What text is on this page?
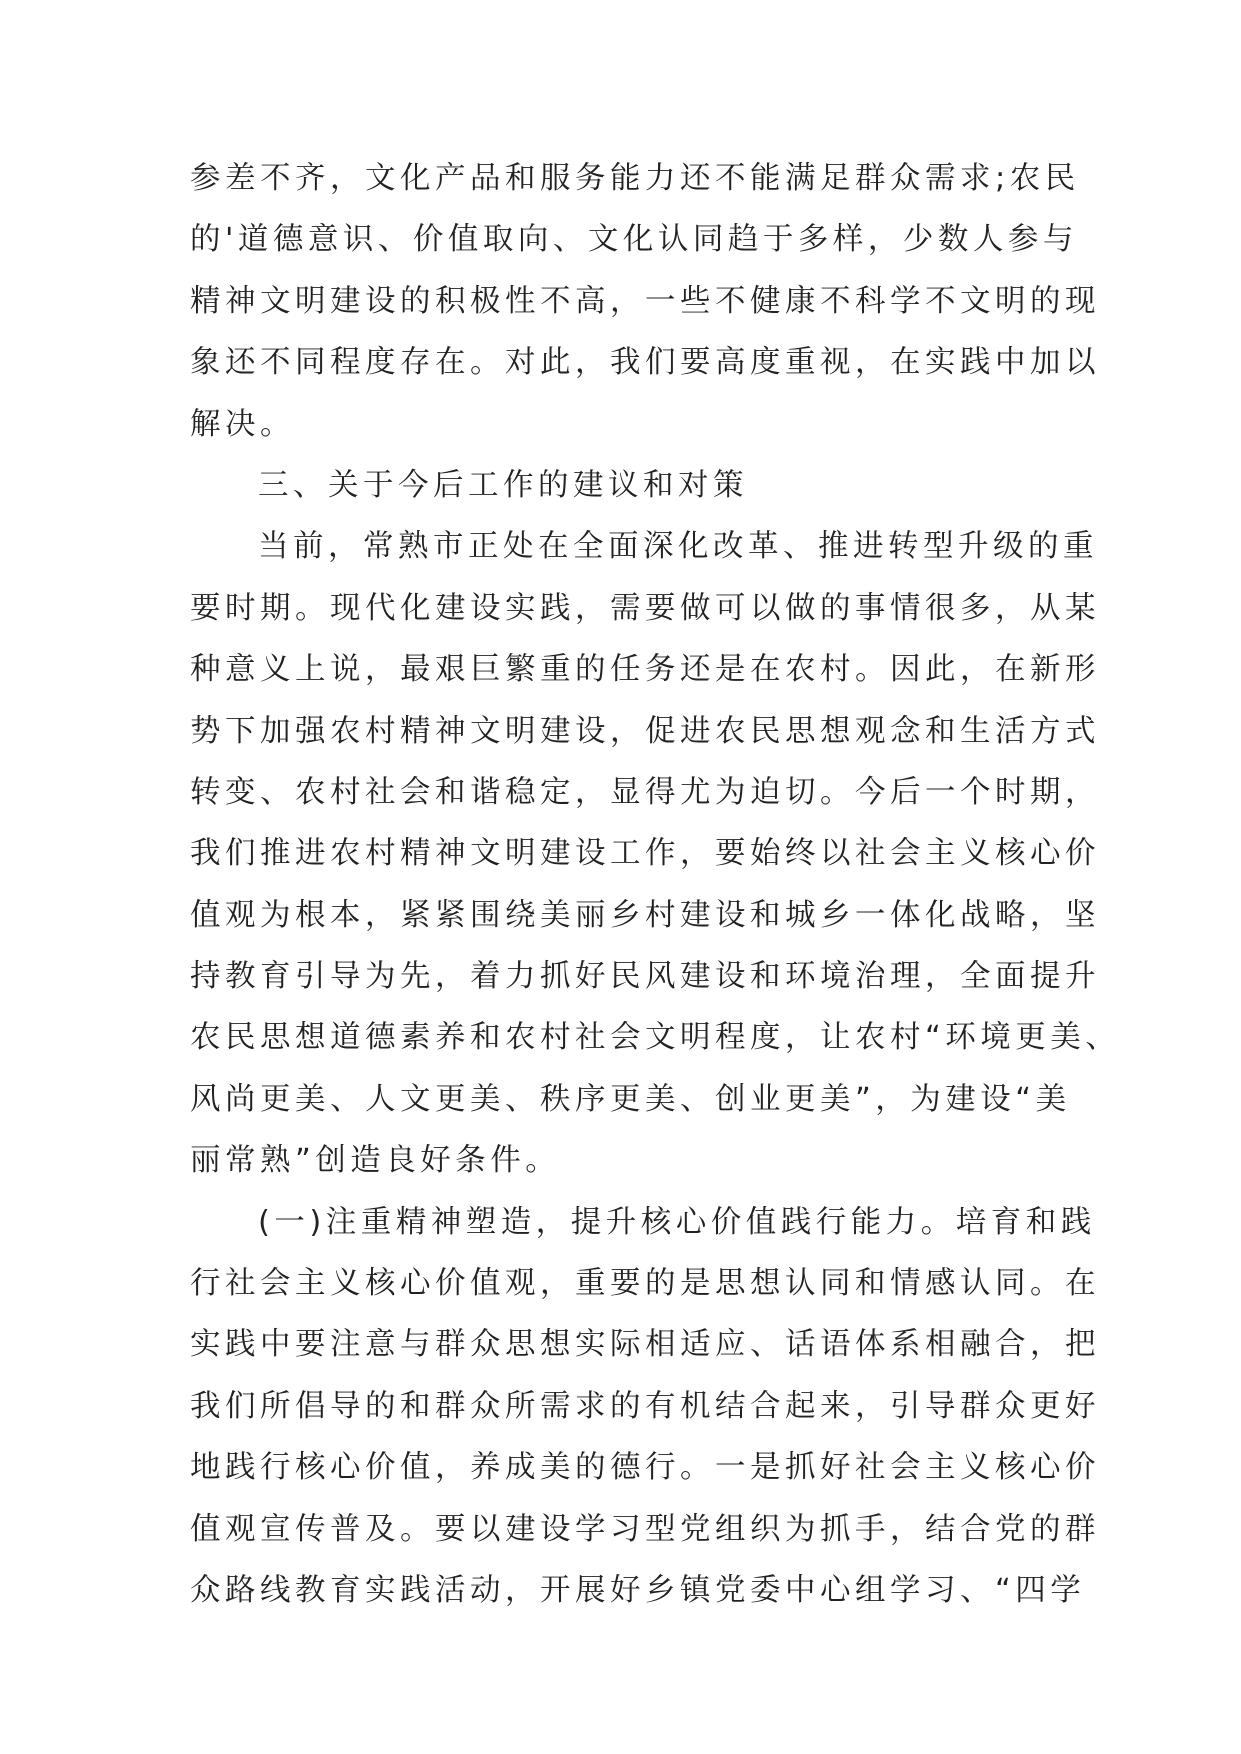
参差不齐，文化产品和服务能力还不能满足群众需求;农民
的'道德意识、价值取向、文化认同趋于多样，少数人参与
精神文明建设的积极性不高，一些不健康不科学不文明的现
象还不同程度存在。对此，我们要高度重视，在实践中加以
解决。
三、关于今后工作的建议和对策
当前，常熟市正处在全面深化改革、推进转型升级的重
要时期。现代化建设实践，需要做可以做的事情很多，从某
种意义上说，最艰巨繁重的任务还是在农村。因此，在新形
势下加强农村精神文明建设，促进农民思想观念和生活方式
转变、农村社会和谐稳定，显得尤为迫切。今后一个时期，
我们推进农村精神文明建设工作，要始终以社会主义核心价
值观为根本，紧紧围绕美丽乡村建设和城乡一体化战略，坚
持教育引导为先，着力抓好民风建设和环境治理，全面提升
农民思想道德素养和农村社会文明程度，让农村“环境更美、
风尚更美、人文更美、秩序更美、创业更美”，为建设“美
丽常熟”创造良好条件。
(一)注重精神塑造，提升核心价值践行能力。培育和践
行社会主义核心价值观，重要的是思想认同和情感认同。在
实践中要注意与群众思想实际相适应、话语体系相融合，把
我们所倡导的和群众所需求的有机结合起来，引导群众更好
地践行核心价值，养成美的德行。一是抓好社会主义核心价
值观宣传普及。要以建设学习型党组织为抓手，结合党的群
众路线教育实践活动，开展好乡镇党委中心组学习、“四学
